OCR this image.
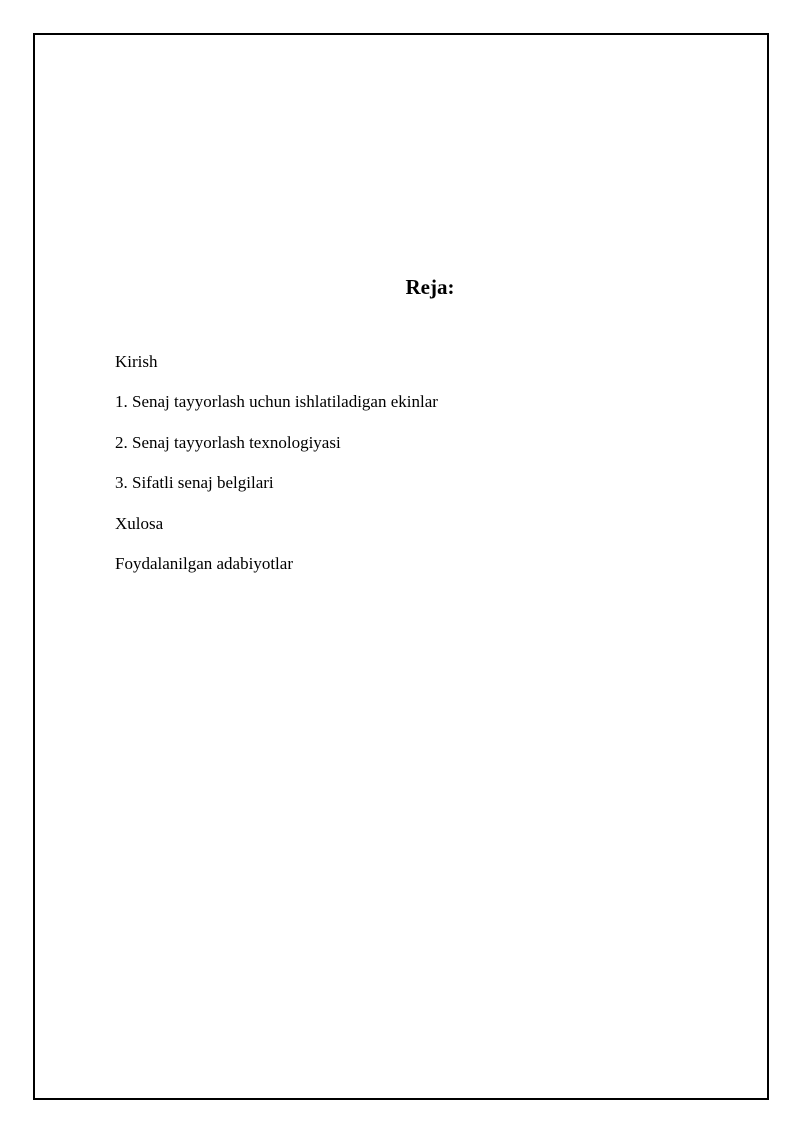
Reja:
Kirish
1. Senaj tayyorlash uchun ishlatiladigan ekinlar
2. Senaj tayyorlash texnologiyasi
3. Sifatli senaj belgilari
Xulosa
Foydalanilgan adabiyotlar
